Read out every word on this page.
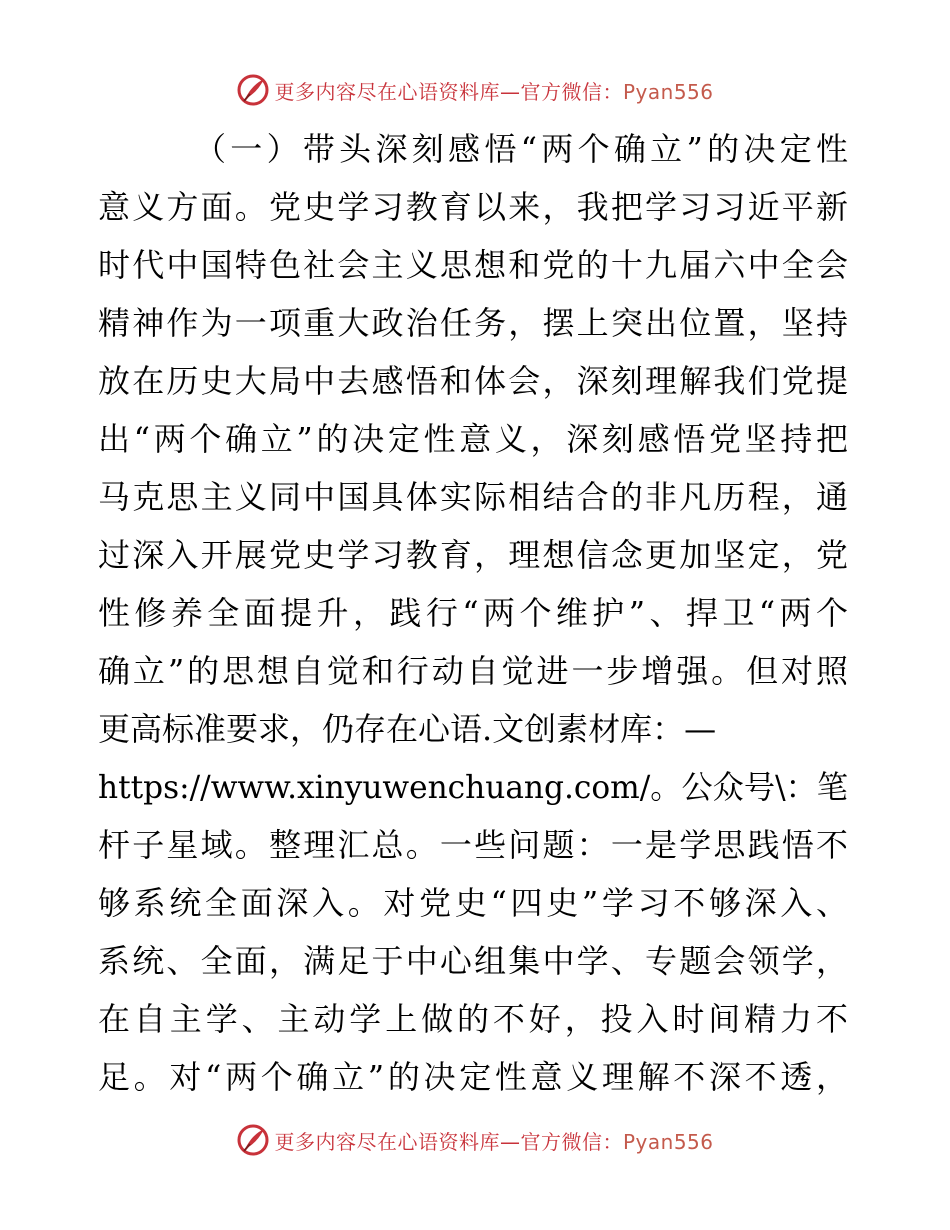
更多内容尽在心语资料库—官方微信：Pyan556
（一）带头深刻感悟“两个确立”的决定性
意义方面。党史学习教育以来，我把学习习近平新
时代中国特色社会主义思想和党的十九届六中全会
精神作为一项重大政治任务，摆上突出位置，坚持
放在历史大局中去感悟和体会，深刻理解我们党提
出“两个确立”的决定性意义，深刻感悟党坚持把
马克思主义同中国具体实际相结合的非凡历程，通
过深入开展党史学习教育，理想信念更加坚定，党
性修养全面提升，践行“两个维护”、捍卫“两个
确立”的思想自觉和行动自觉进一步增强。但对照
更高标准要求，仍存在心语.文创素材库：—
https://www.xinyuwenchuang.com/。公众号\：笔
杆子星域。整理汇总。一些问题：一是学思践悟不
够系统全面深入。对党史“四史”学习不够深入、
系统、全面，满足于中心组集中学、专题会领学，
在自主学、主动学上做的不好，投入时间精力不
足。对“两个确立”的决定性意义理解不深不透，
更多内容尽在心语资料库—官方微信：Pyan556
